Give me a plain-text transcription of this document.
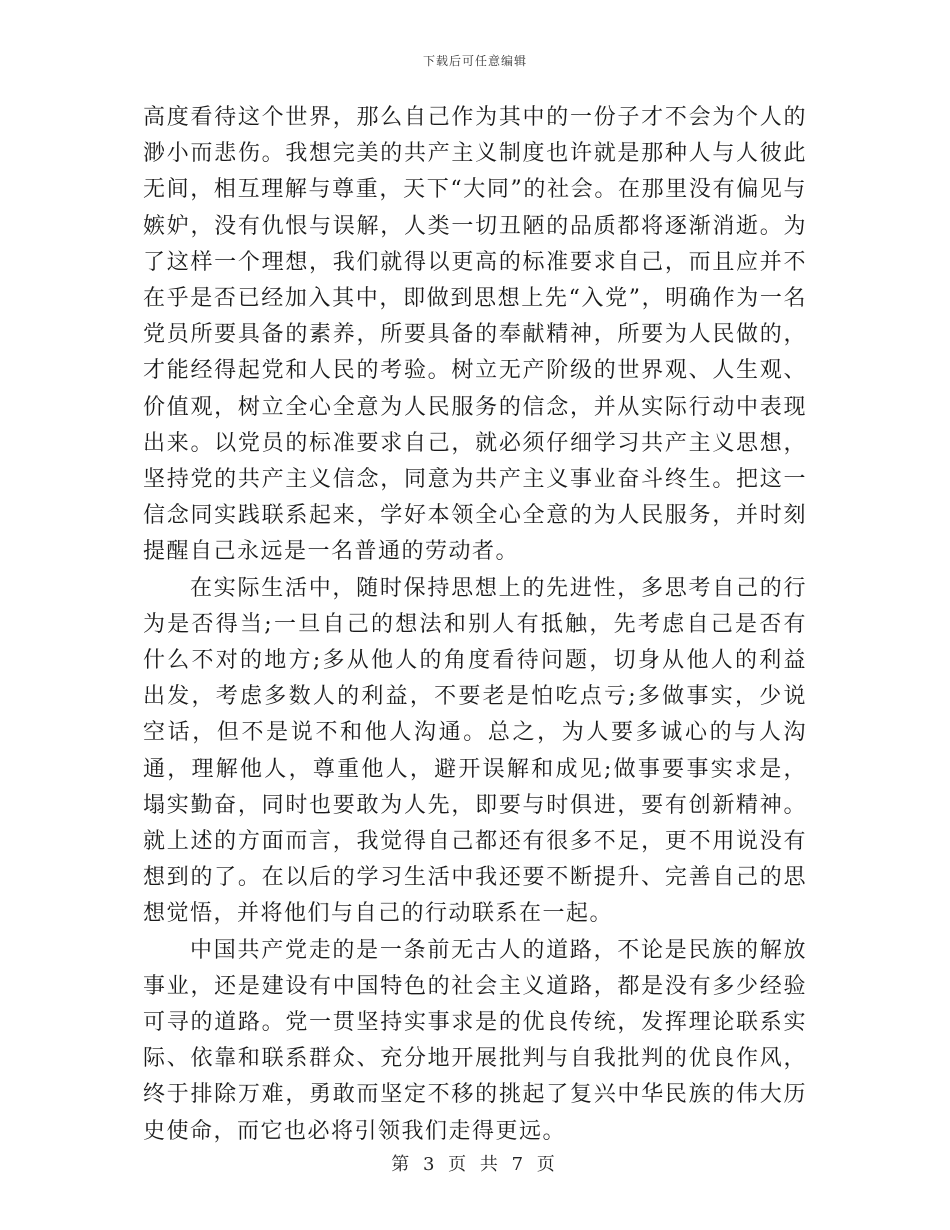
下载后可任意编辑

高度看待这个世界，那么自己作为其中的一份子才不会为个人的渺小而悲伤。我想完美的共产主义制度也许就是那种人与人彼此无间，相互理解与尊重，天下“大同”的社会。在那里没有偏见与嫉妒，没有仇恨与误解，人类一切丑陋的品质都将逐渐消逝。为了这样一个理想，我们就得以更高的标准要求自己，而且应并不在乎是否已经加入其中，即做到思想上先“入党”，明确作为一名党员所要具备的素养，所要具备的奉献精神，所要为人民做的，才能经得起党和人民的考验。树立无产阶级的世界观、人生观、价值观，树立全心全意为人民服务的信念，并从实际行动中表现出来。以党员的标准要求自己，就必须仔细学习共产主义思想，坚持党的共产主义信念，同意为共产主义事业奋斗终生。把这一信念同实践联系起来，学好本领全心全意的为人民服务，并时刻提醒自己永远是一名普通的劳动者。

在实际生活中，随时保持思想上的先进性，多思考自己的行为是否得当;一旦自己的想法和别人有抵触，先考虑自己是否有什么不对的地方;多从他人的角度看待问题，切身从他人的利益出发，考虑多数人的利益，不要老是怕吃点亏;多做事实，少说空话，但不是说不和他人沟通。总之，为人要多诚心的与人沟通，理解他人，尊重他人，避开误解和成见;做事要事实求是，塌实勤奋，同时也要敢为人先，即要与时俱进，要有创新精神。就上述的方面而言，我觉得自己都还有很多不足，更不用说没有想到的了。在以后的学习生活中我还要不断提升、完善自己的思想觉悟，并将他们与自己的行动联系在一起。

中国共产党走的是一条前无古人的道路，不论是民族的解放事业，还是建设有中国特色的社会主义道路，都是没有多少经验可寻的道路。党一贯坚持实事求是的优良传统，发挥理论联系实际、依靠和联系群众、充分地开展批判与自我批判的优良作风，终于排除万难，勇敢而坚定不移的挑起了复兴中华民族的伟大历史使命，而它也必将引领我们走得更远。

第 3 页 共 7 页
